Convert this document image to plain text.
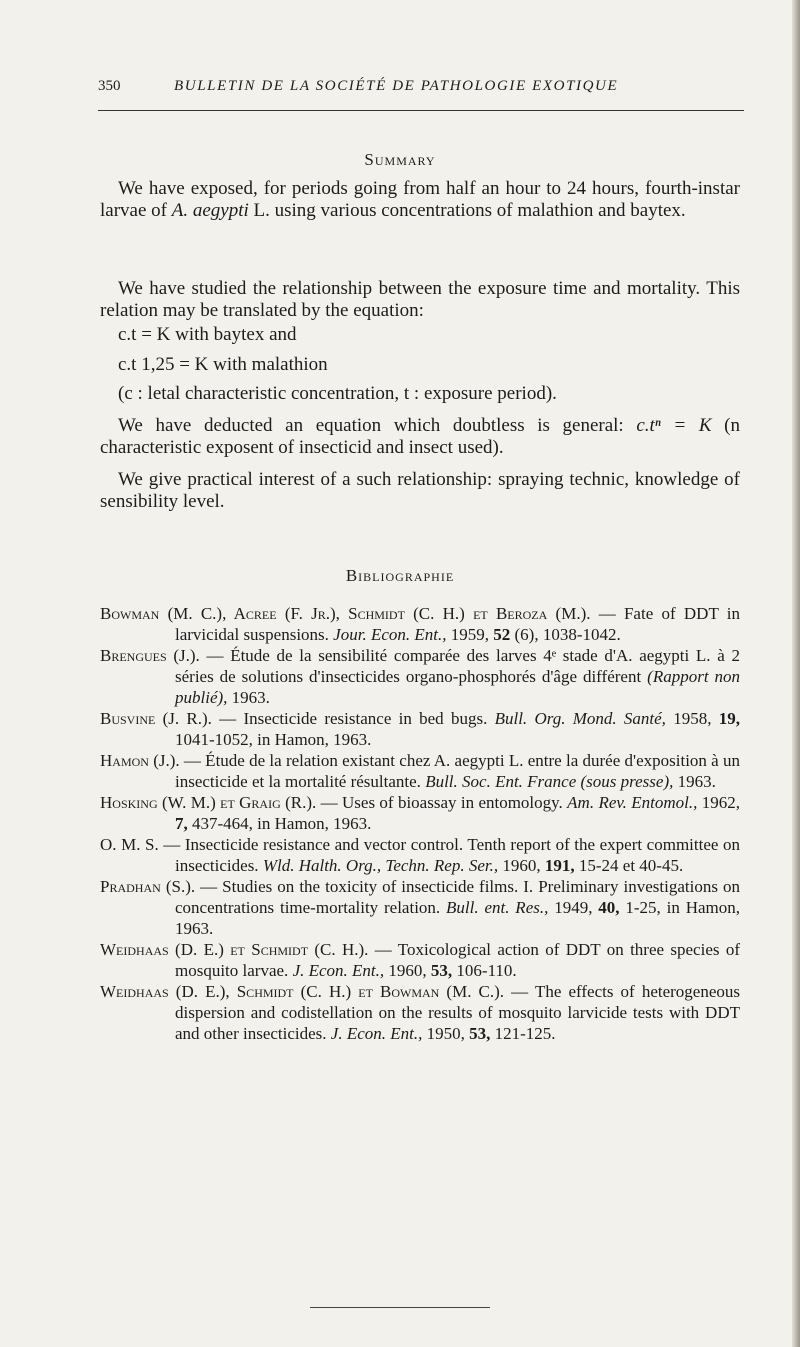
350	BULLETIN DE LA SOCIÉTÉ DE PATHOLOGIE EXOTIQUE
Summary
We have exposed, for periods going from half an hour to 24 hours, fourth-instar larvae of A. aegypti L. using various concentrations of malathion and baytex.
We have studied the relationship between the exposure time and mortality. This relation may be translated by the equation:
c.t = K with baytex and
c.t 1,25 = K with malathion
(c : letal characteristic concentration, t : exposure period).
We have deducted an equation which doubtless is general: c.tⁿ = K (n characteristic exposent of insecticid and insect used).
We give practical interest of a such relationship: spraying technic, knowledge of sensibility level.
Bibliographie

Bowman (M. C.), Acree (F. Jr.), Schmidt (C. H.) et Beroza (M.). — Fate of DDT in larvicidal suspensions. Jour. Econ. Ent., 1959, 52 (6), 1038-1042.

Brengues (J.). — Étude de la sensibilité comparée des larves 4ᵉ stade d'A. aegypti L. à 2 séries de solutions d'insecticides organo-phosphorés d'âge différent (Rapport non publié), 1963.

Busvine (J. R.). — Insecticide resistance in bed bugs. Bull. Org. Mond. Santé, 1958, 19, 1041-1052, in Hamon, 1963.

Hamon (J.). — Étude de la relation existant chez A. aegypti L. entre la durée d'exposition à un insecticide et la mortalité résultante. Bull. Soc. Ent. France (sous presse), 1963.

Hosking (W. M.) et Graig (R.). — Uses of bioassay in entomology. Am. Rev. Entomol., 1962, 7, 437-464, in Hamon, 1963.

O. M. S. — Insecticide resistance and vector control. Tenth report of the expert committee on insecticides. Wld. Halth. Org., Techn. Rep. Ser., 1960, 191, 15-24 et 40-45.

Pradhan (S.). — Studies on the toxicity of insecticide films. I. Preliminary investigations on concentrations time-mortality relation. Bull. ent. Res., 1949, 40, 1-25, in Hamon, 1963.

Weidhaas (D. E.) et Schmidt (C. H.). — Toxicological action of DDT on three species of mosquito larvae. J. Econ. Ent., 1960, 53, 106-110.

Weidhaas (D. E.), Schmidt (C. H.) et Bowman (M. C.). — The effects of heterogeneous dispersion and codistellation on the results of mosquito larvicide tests with DDT and other insecticides. J. Econ. Ent., 1950, 53, 121-125.
